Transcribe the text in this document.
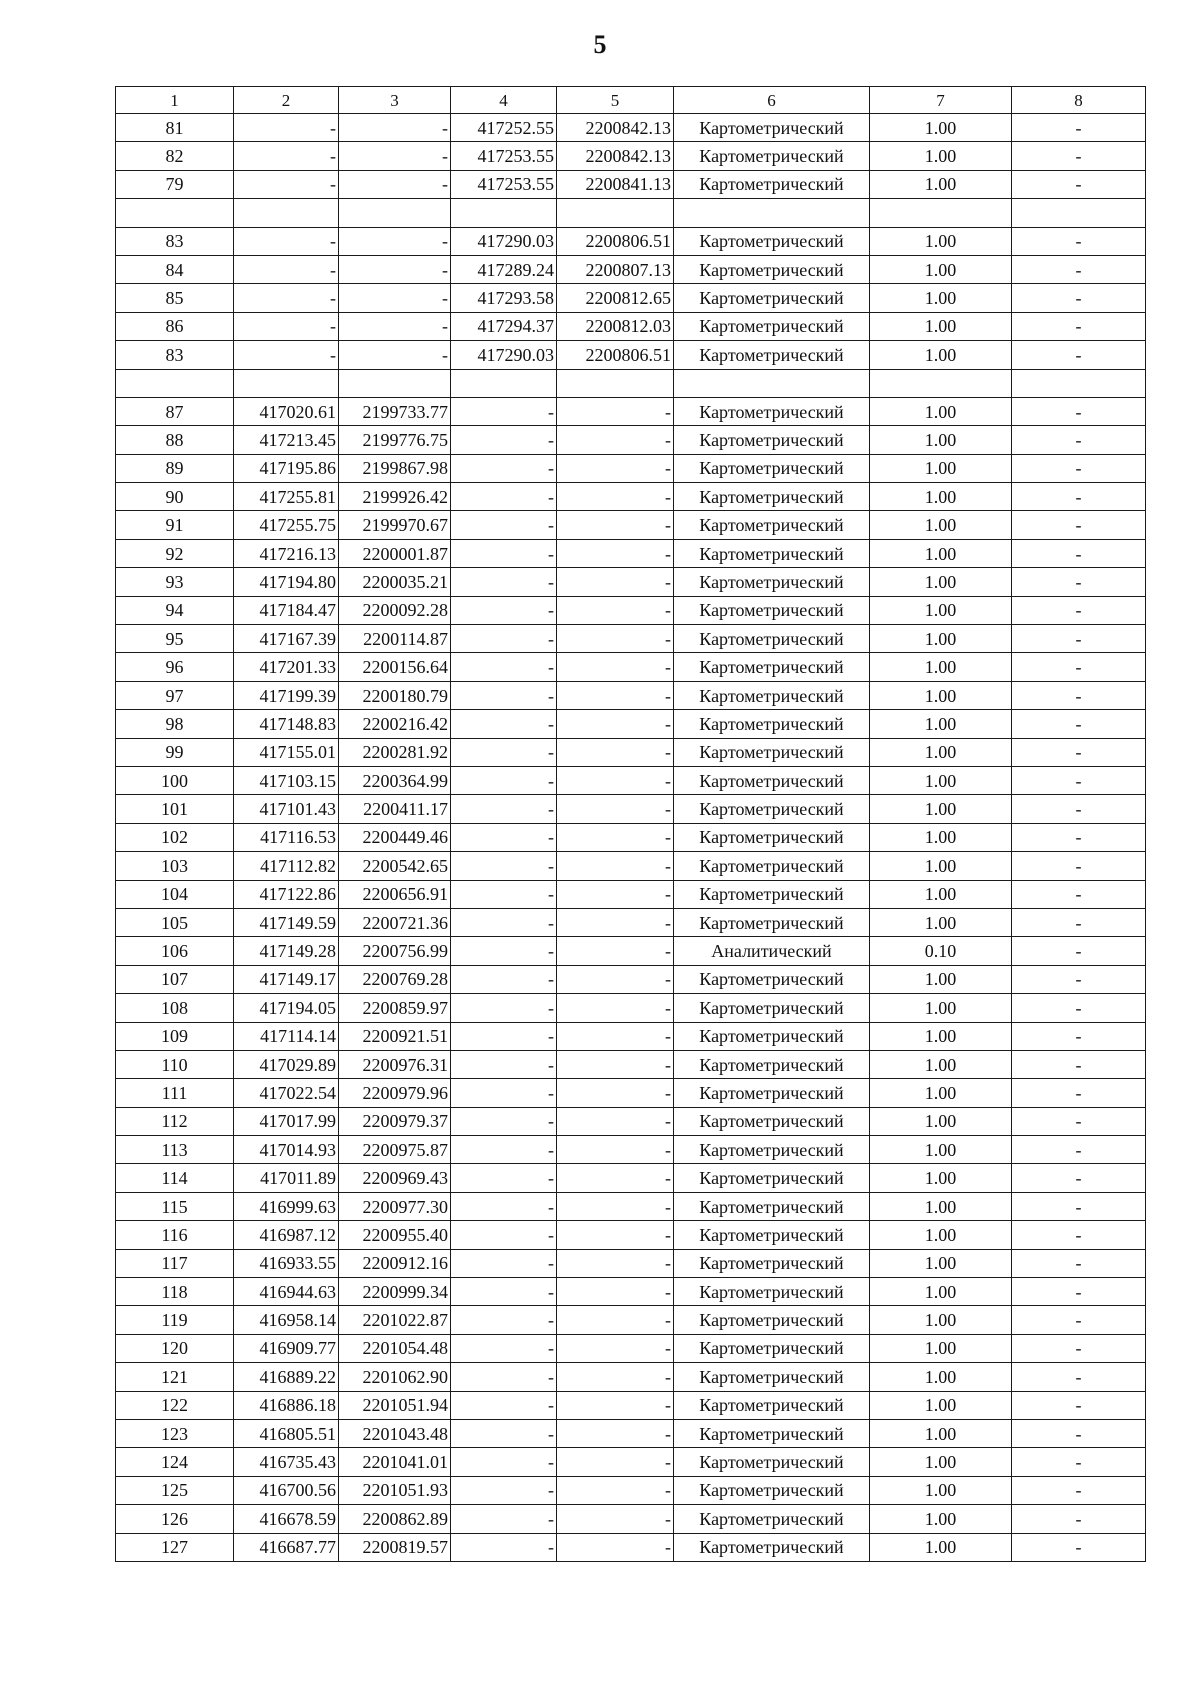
5
1	2	3	4	5	6	7	8
81	-	-	417252.55	2200842.13	Картометрический	1.00	-
82	-	-	417253.55	2200842.13	Картометрический	1.00	-
79	-	-	417253.55	2200841.13	Картометрический	1.00	-

83	-	-	417290.03	2200806.51	Картометрический	1.00	-
84	-	-	417289.24	2200807.13	Картометрический	1.00	-
85	-	-	417293.58	2200812.65	Картометрический	1.00	-
86	-	-	417294.37	2200812.03	Картометрический	1.00	-
83	-	-	417290.03	2200806.51	Картометрический	1.00	-

87	417020.61	2199733.77	-	-	Картометрический	1.00	-
88	417213.45	2199776.75	-	-	Картометрический	1.00	-
89	417195.86	2199867.98	-	-	Картометрический	1.00	-
90	417255.81	2199926.42	-	-	Картометрический	1.00	-
91	417255.75	2199970.67	-	-	Картометрический	1.00	-
92	417216.13	2200001.87	-	-	Картометрический	1.00	-
93	417194.80	2200035.21	-	-	Картометрический	1.00	-
94	417184.47	2200092.28	-	-	Картометрический	1.00	-
95	417167.39	2200114.87	-	-	Картометрический	1.00	-
96	417201.33	2200156.64	-	-	Картометрический	1.00	-
97	417199.39	2200180.79	-	-	Картометрический	1.00	-
98	417148.83	2200216.42	-	-	Картометрический	1.00	-
99	417155.01	2200281.92	-	-	Картометрический	1.00	-
100	417103.15	2200364.99	-	-	Картометрический	1.00	-
101	417101.43	2200411.17	-	-	Картометрический	1.00	-
102	417116.53	2200449.46	-	-	Картометрический	1.00	-
103	417112.82	2200542.65	-	-	Картометрический	1.00	-
104	417122.86	2200656.91	-	-	Картометрический	1.00	-
105	417149.59	2200721.36	-	-	Картометрический	1.00	-
106	417149.28	2200756.99	-	-	Аналитический	0.10	-
107	417149.17	2200769.28	-	-	Картометрический	1.00	-
108	417194.05	2200859.97	-	-	Картометрический	1.00	-
109	417114.14	2200921.51	-	-	Картометрический	1.00	-
110	417029.89	2200976.31	-	-	Картометрический	1.00	-
111	417022.54	2200979.96	-	-	Картометрический	1.00	-
112	417017.99	2200979.37	-	-	Картометрический	1.00	-
113	417014.93	2200975.87	-	-	Картометрический	1.00	-
114	417011.89	2200969.43	-	-	Картометрический	1.00	-
115	416999.63	2200977.30	-	-	Картометрический	1.00	-
116	416987.12	2200955.40	-	-	Картометрический	1.00	-
117	416933.55	2200912.16	-	-	Картометрический	1.00	-
118	416944.63	2200999.34	-	-	Картометрический	1.00	-
119	416958.14	2201022.87	-	-	Картометрический	1.00	-
120	416909.77	2201054.48	-	-	Картометрический	1.00	-
121	416889.22	2201062.90	-	-	Картометрический	1.00	-
122	416886.18	2201051.94	-	-	Картометрический	1.00	-
123	416805.51	2201043.48	-	-	Картометрический	1.00	-
124	416735.43	2201041.01	-	-	Картометрический	1.00	-
125	416700.56	2201051.93	-	-	Картометрический	1.00	-
126	416678.59	2200862.89	-	-	Картометрический	1.00	-
127	416687.77	2200819.57	-	-	Картометрический	1.00	-
